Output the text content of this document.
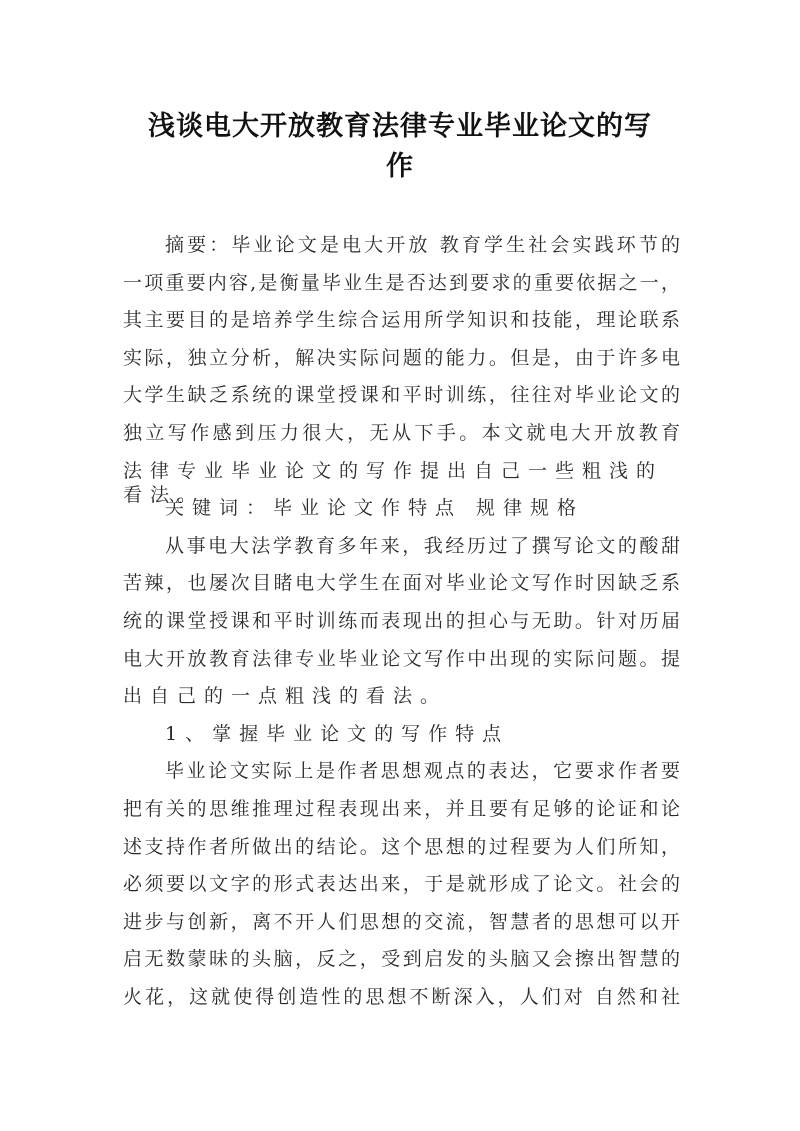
浅谈电大开放教育法律专业毕业论文的写
作
摘要：毕业论文是电大开放 教育学生社会实践环节的
一项重要内容,是衡量毕业生是否达到要求的重要依据之一，
其主要目的是培养学生综合运用所学知识和技能，理论联系
实际，独立分析，解决实际问题的能力。但是，由于许多电
大学生缺乏系统的课堂授课和平时训练，往往对毕业论文的
独立写作感到压力很大，无从下手。本文就电大开放教育
法律专业毕业论文的写作提出自己一些粗浅的看法。
关键词：毕业论文作特点 规律规格
从事电大法学教育多年来，我经历过了撰写论文的酸甜
苦辣，也屡次目睹电大学生在面对毕业论文写作时因缺乏系
统的课堂授课和平时训练而表现出的担心与无助。针对历届
电大开放教育法律专业毕业论文写作中出现的实际问题。提
出自己的一点粗浅的看法。
1、掌握毕业论文的写作特点
毕业论文实际上是作者思想观点的表达，它要求作者要
把有关的思维推理过程表现出来，并且要有足够的论证和论
述支持作者所做出的结论。这个思想的过程要为人们所知，
必须要以文字的形式表达出来，于是就形成了论文。社会的
进步与创新，离不开人们思想的交流，智慧者的思想可以开
启无数蒙昧的头脑，反之，受到启发的头脑又会擦出智慧的
火花，这就使得创造性的思想不断深入，人们对 自然和社
